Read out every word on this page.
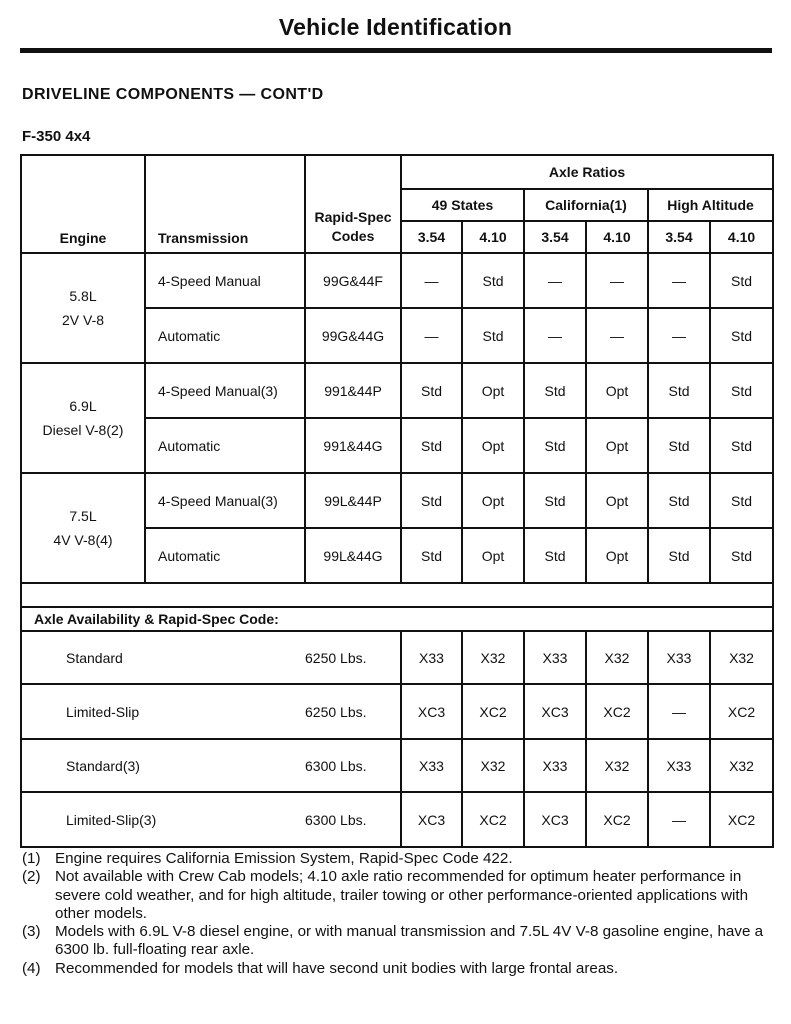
Vehicle Identification
DRIVELINE COMPONENTS — CONT'D
F-350 4x4
Engine	Transmission	Rapid-Spec Codes	Axle Ratios					
			49 States		California(1)		High Altitude	
			3.54	4.10	3.54	4.10	3.54	4.10

5.8L
2V V-8	4-Speed Manual	99G&44F	—	Std	—	—	—	Std
	Automatic	99G&44G	—	Std	—	—	—	Std

6.9L
Diesel V-8(2)	4-Speed Manual(3)	991&44P	Std	Opt	Std	Opt	Std	Std
	Automatic	991&44G	Std	Opt	Std	Opt	Std	Std

7.5L
4V V-8(4)	4-Speed Manual(3)	99L&44P	Std	Opt	Std	Opt	Std	Std
	Automatic	99L&44G	Std	Opt	Std	Opt	Std	Std

Axle Availability & Rapid-Spec Code:								
Standard		6250 Lbs.	X33	X32	X33	X32	X33	X32
Limited-Slip		6250 Lbs.	XC3	XC2	XC3	XC2	—	XC2
Standard(3)		6300 Lbs.	X33	X32	X33	X32	X33	X32
Limited-Slip(3)		6300 Lbs.	XC3	XC2	XC3	XC2	—	XC2
(1) Engine requires California Emission System, Rapid-Spec Code 422.
(2) Not available with Crew Cab models; 4.10 axle ratio recommended for optimum heater performance in severe cold weather, and for high altitude, trailer towing or other performance-oriented applications with other models.
(3) Models with 6.9L V-8 diesel engine, or with manual transmission and 7.5L 4V V-8 gasoline engine, have a 6300 lb. full-floating rear axle.
(4) Recommended for models that will have second unit bodies with large frontal areas.
